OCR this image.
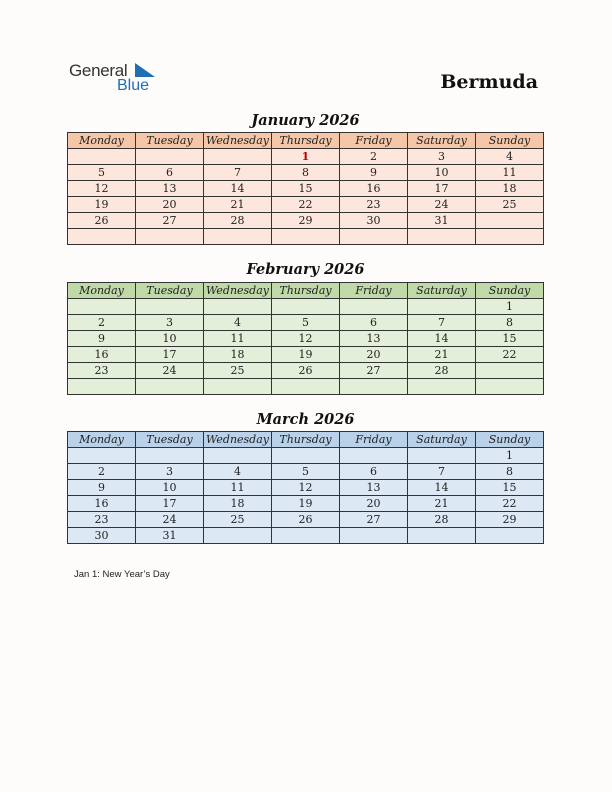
General
Blue	Bermuda
January 2026
Monday	Tuesday	Wednesday	Thursday	Friday	Saturday	Sunday
			1	2	3	4
5	6	7	8	9	10	11
12	13	14	15	16	17	18
19	20	21	22	23	24	25
26	27	28	29	30	31	

February 2026
Monday	Tuesday	Wednesday	Thursday	Friday	Saturday	Sunday
						1
2	3	4	5	6	7	8
9	10	11	12	13	14	15
16	17	18	19	20	21	22
23	24	25	26	27	28	

March 2026
Monday	Tuesday	Wednesday	Thursday	Friday	Saturday	Sunday
						1
2	3	4	5	6	7	8
9	10	11	12	13	14	15
16	17	18	19	20	21	22
23	24	25	26	27	28	29
30	31					
Jan 1: New Year’s Day
